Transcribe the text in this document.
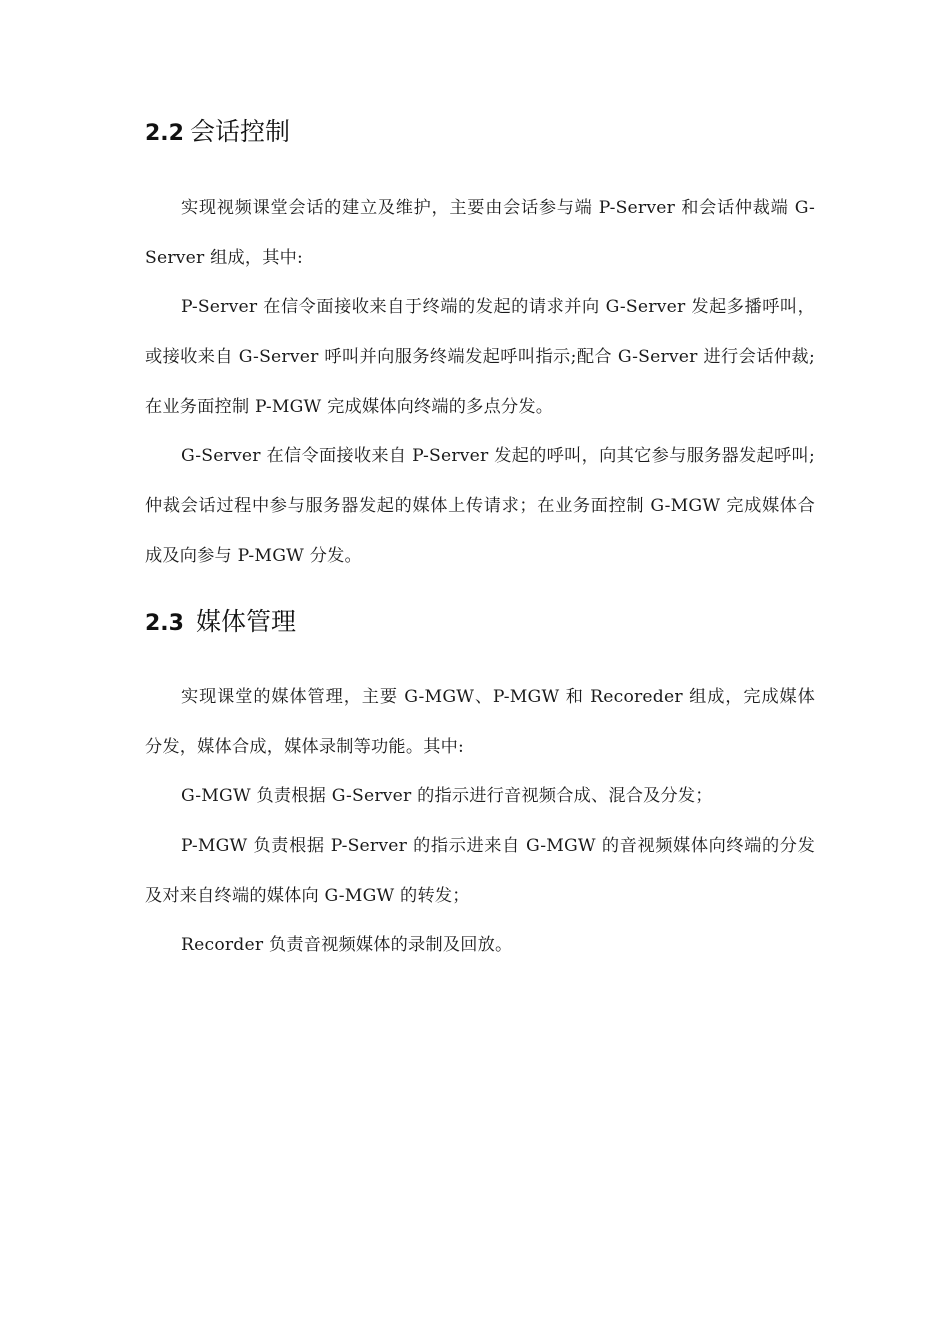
2.2 会话控制

实现视频课堂会话的建立及维护，主要由会话参与端 P-Server 和会话仲裁端 G-Server 组成，其中:

P-Server 在信令面接收来自于终端的发起的请求并向 G-Server 发起多播呼叫，或接收来自 G-Server 呼叫并向服务终端发起呼叫指示;配合 G-Server 进行会话仲裁;在业务面控制 P-MGW 完成媒体向终端的多点分发。

G-Server 在信令面接收来自 P-Server 发起的呼叫，向其它参与服务器发起呼叫;仲裁会话过程中参与服务器发起的媒体上传请求；在业务面控制 G-MGW 完成媒体合成及向参与 P-MGW 分发。

2.3 媒体管理

实现课堂的媒体管理，主要 G-MGW、P-MGW 和 Recoreder 组成，完成媒体分发，媒体合成，媒体录制等功能。其中:

G-MGW 负责根据 G-Server 的指示进行音视频合成、混合及分发；

P-MGW 负责根据 P-Server 的指示进来自 G-MGW 的音视频媒体向终端的分发及对来自终端的媒体向 G-MGW 的转发；

Recorder 负责音视频媒体的录制及回放。
